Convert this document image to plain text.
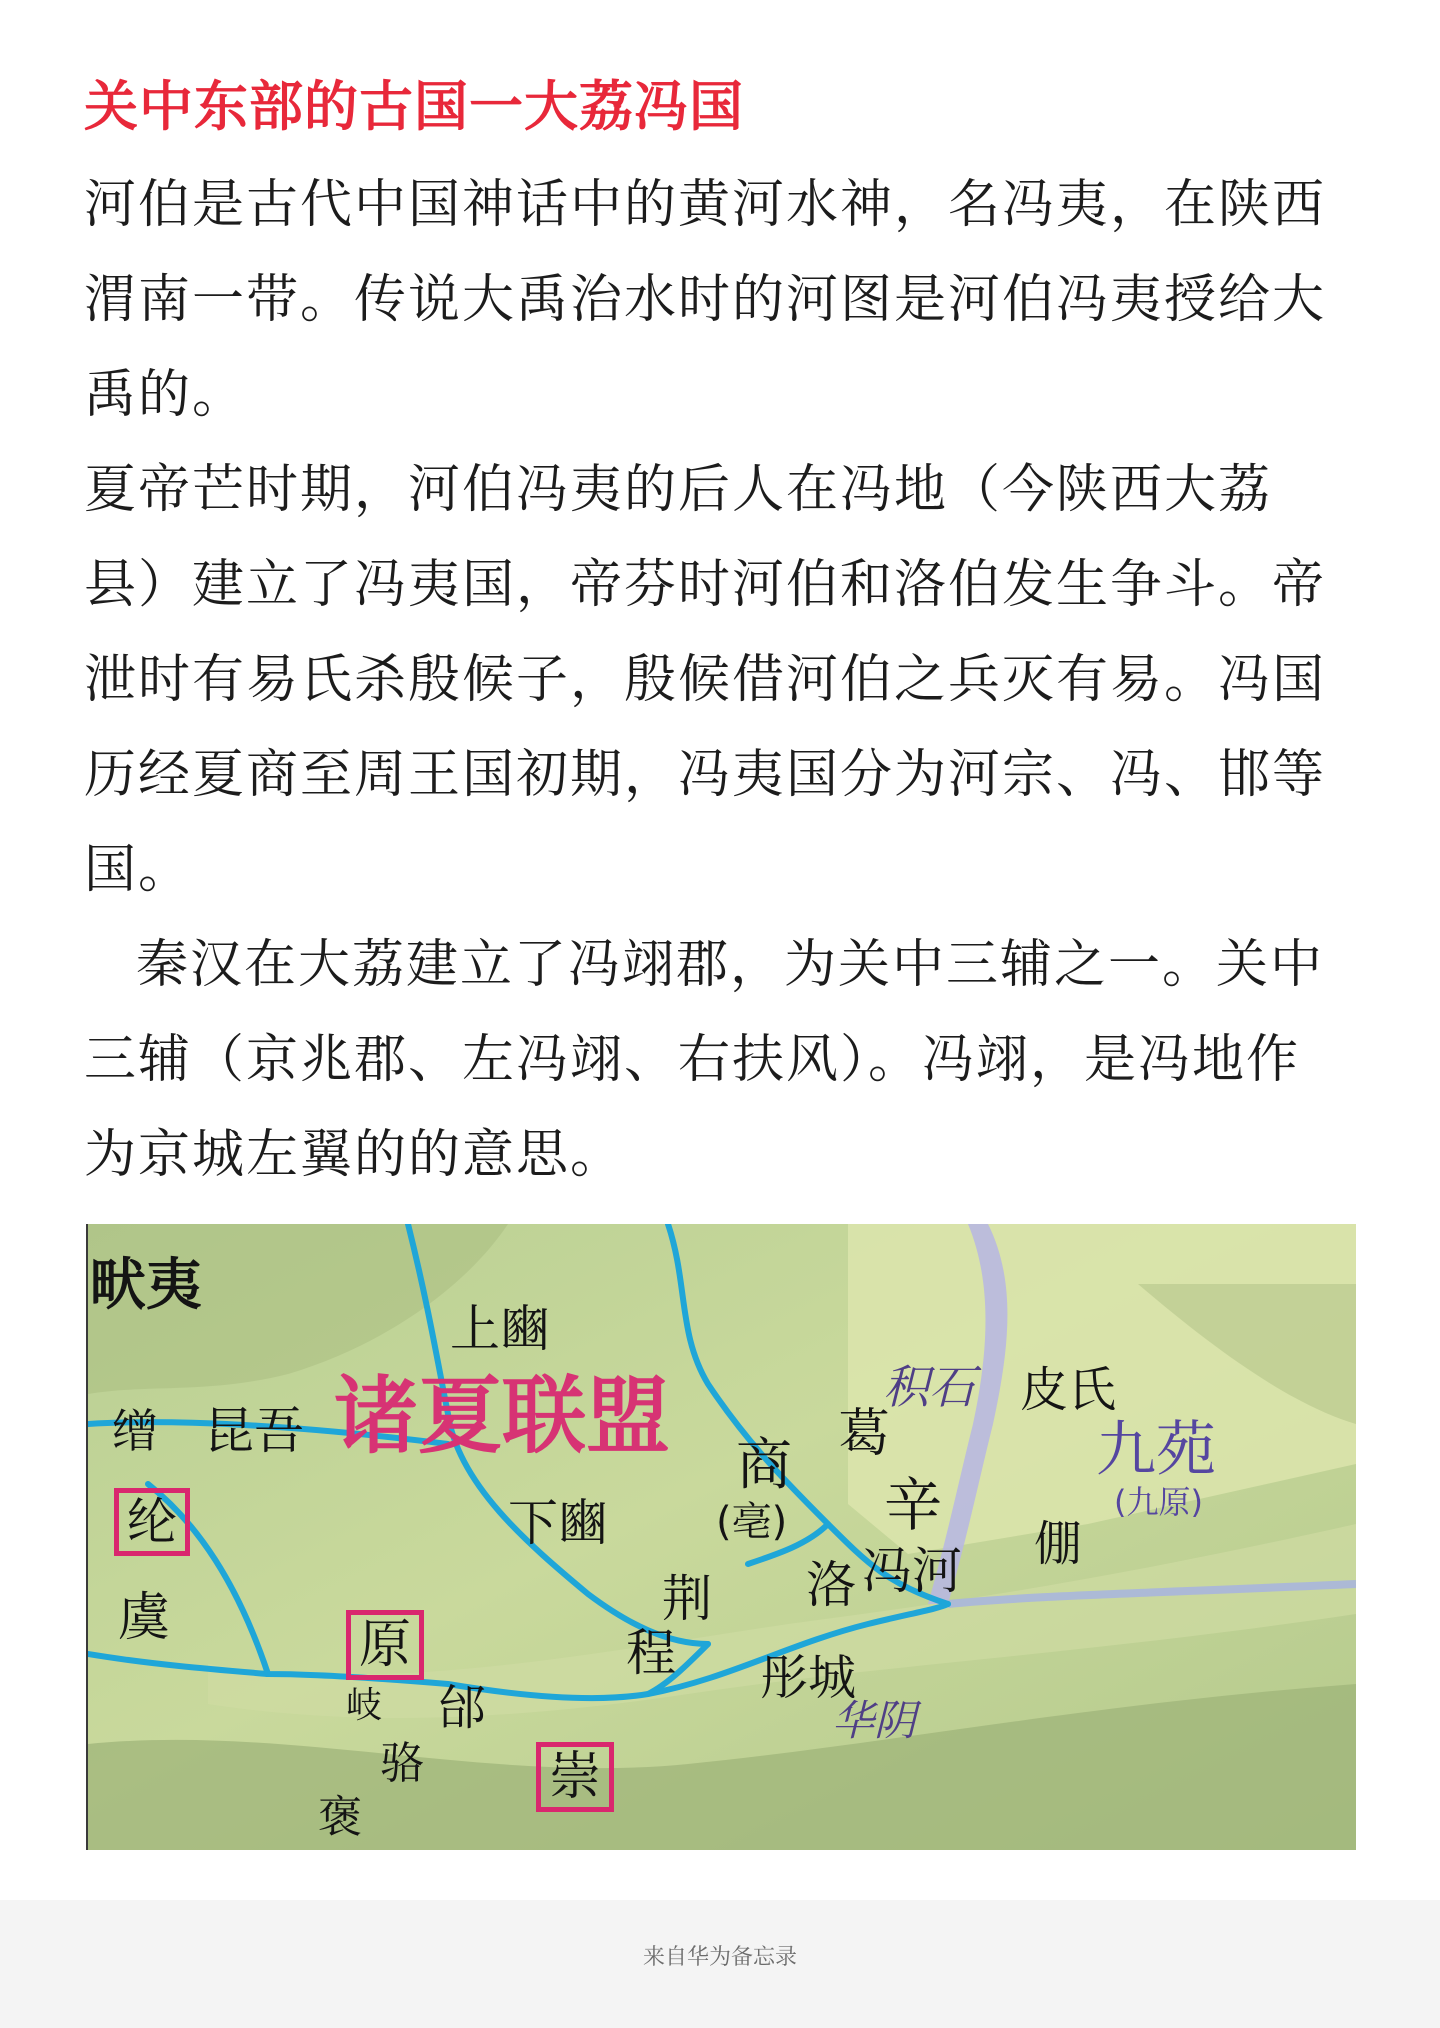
关中东部的古国一大荔冯国

河伯是古代中国神话中的黄河水神，名冯夷，在陕西渭南一带。传说大禹治水时的河图是河伯冯夷授给大禹的。

夏帝芒时期，河伯冯夷的后人在冯地（今陕西大荔县）建立了冯夷国，帝芬时河伯和洛伯发生争斗。帝泄时有易氏杀殷候子，殷候借河伯之兵灭有易。冯国历经夏商至周王国初期，冯夷国分为河宗、冯、邯等国。

秦汉在大荔建立了冯翊郡，为关中三辅之一。关中三辅（京兆郡、左冯翊、右扶风）。冯翊，是冯地作为京城左翼的的意思。

畎夷
上豳
诸夏联盟	积石 皮氏
九苑
(九原)
缯 昆吾
商
(亳)
葛
辛
纶	下豳	倗
洛 冯河
虞	荆
程
原
岐 邰
彤城
华阴
骆 崇
褒
来自华为备忘录
